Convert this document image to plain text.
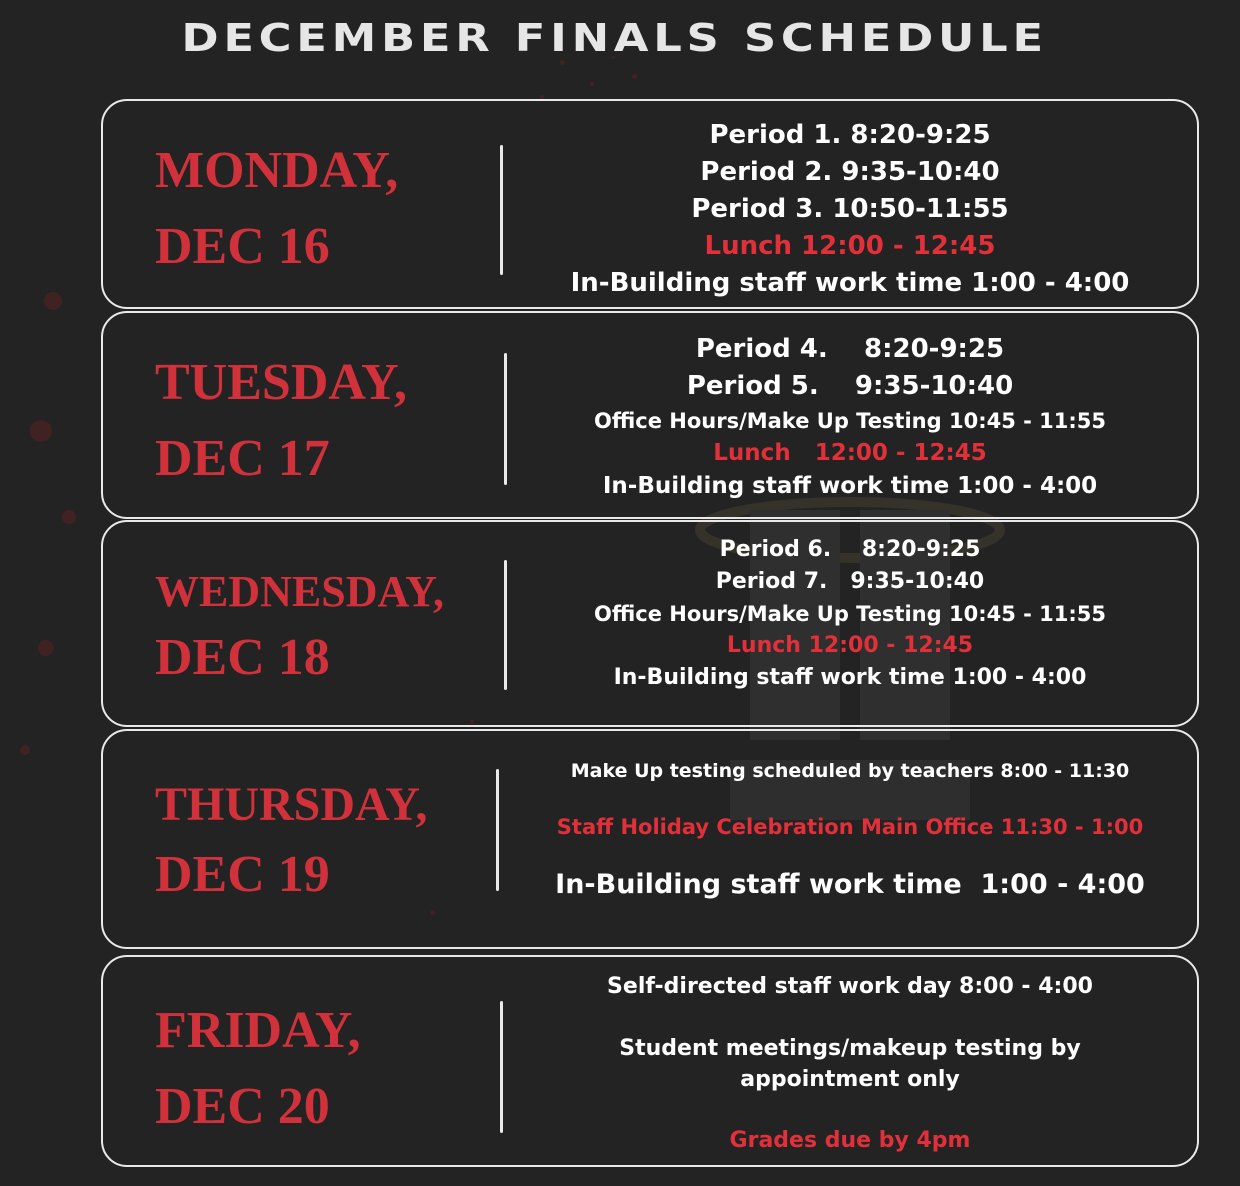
DECEMBER FINALS SCHEDULE
MONDAY,
DEC 16
Period 1. 8:20-9:25
Period 2. 9:35-10:40
Period 3. 10:50-11:55
Lunch 12:00 - 12:45
In-Building staff work time 1:00 - 4:00
TUESDAY,
DEC 17
Period 4.    8:20-9:25
Period 5.    9:35-10:40
Office Hours/Make Up Testing 10:45 - 11:55
Lunch   12:00 - 12:45
In-Building staff work time 1:00 - 4:00
WEDNESDAY,
DEC 18
Period 6.    8:20-9:25
Period 7.   9:35-10:40
Office Hours/Make Up Testing 10:45 - 11:55
Lunch 12:00 - 12:45
In-Building staff work time 1:00 - 4:00
THURSDAY,
DEC 19
Make Up testing scheduled by teachers 8:00 - 11:30
Staff Holiday Celebration Main Office 11:30 - 1:00
In-Building staff work time  1:00 - 4:00
FRIDAY,
DEC 20
Self-directed staff work day 8:00 - 4:00
Student meetings/makeup testing by
appointment only
Grades due by 4pm
